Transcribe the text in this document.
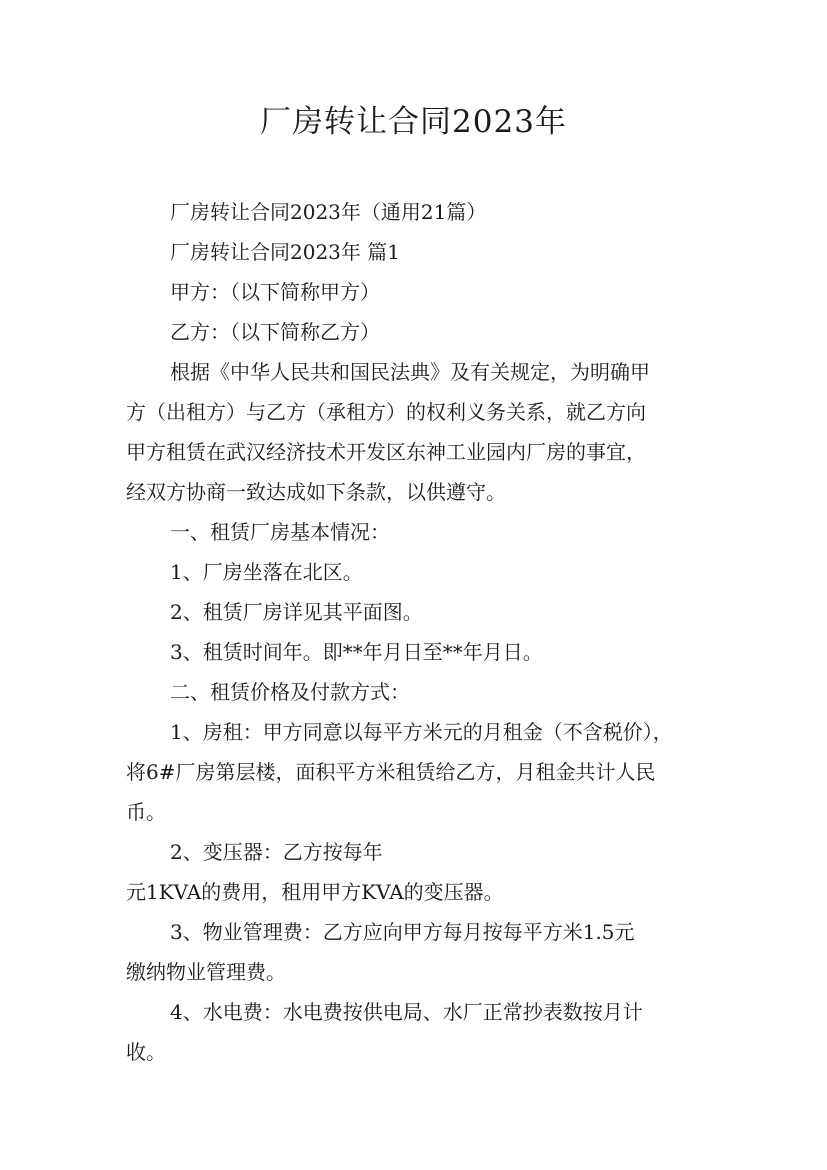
厂房转让合同2023年

厂房转让合同2023年（通用21篇）

厂房转让合同2023年 篇1

甲方：（以下简称甲方）

乙方：（以下简称乙方）

根据《中华人民共和国民法典》及有关规定，为明确甲

方（出租方）与乙方（承租方）的权利义务关系，就乙方向

甲方租赁在武汉经济技术开发区东神工业园内厂房的事宜，

经双方协商一致达成如下条款，以供遵守。

一、租赁厂房基本情况：

1、厂房坐落在北区。

2、租赁厂房详见其平面图。

3、租赁时间年。即**年月日至**年月日。

二、租赁价格及付款方式：

1、房租：甲方同意以每平方米元的月租金（不含税价），

将6#厂房第层楼，面积平方米租赁给乙方，月租金共计人民

币。

2、变压器：乙方按每年

元1KVA的费用，租用甲方KVA的变压器。

3、物业管理费：乙方应向甲方每月按每平方米1.5元

缴纳物业管理费。

4、水电费：水电费按供电局、水厂正常抄表数按月计

收。
